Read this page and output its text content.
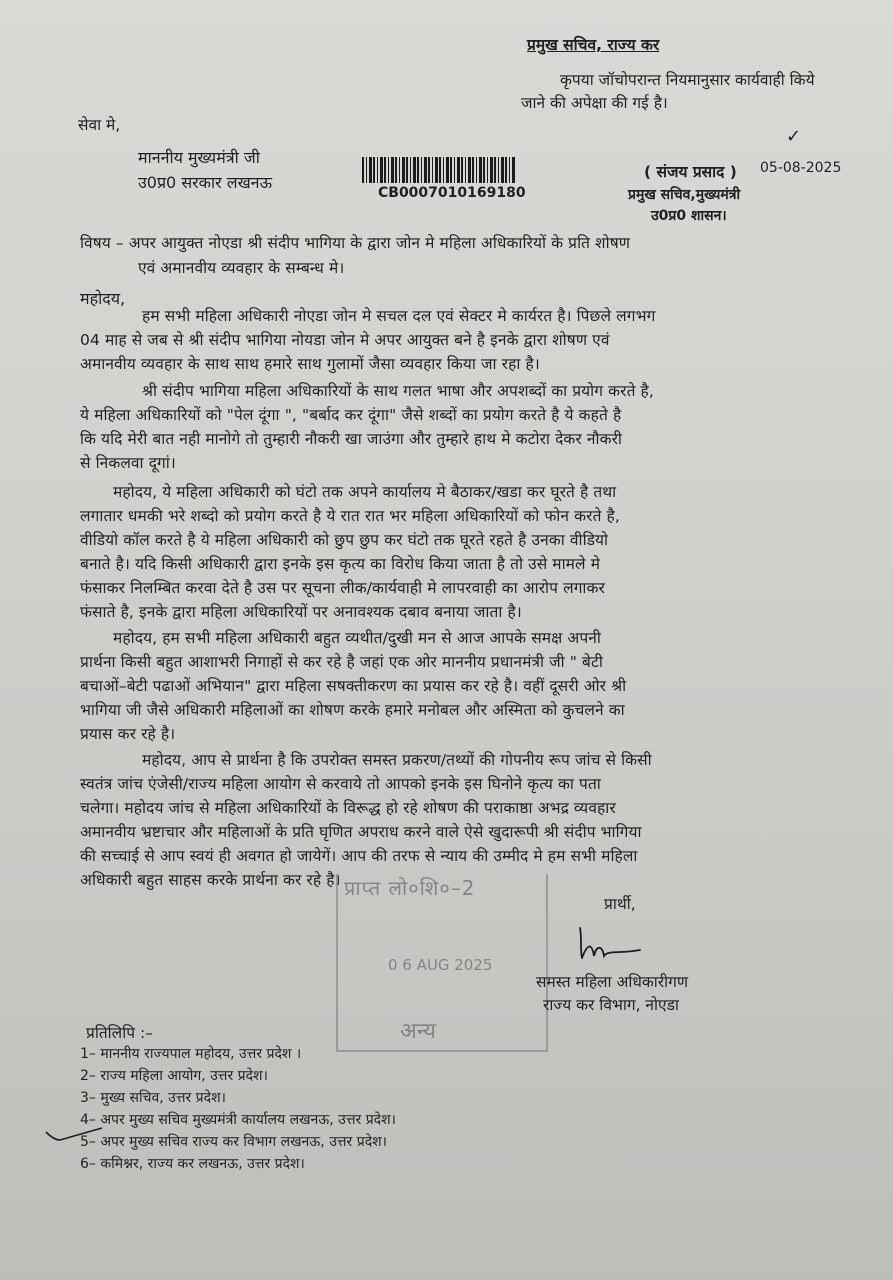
प्रमुख सचिव, राज्य कर
कृपया जॉचोपरान्त नियमानुसार कार्यवाही किये
जाने की अपेक्षा की गई है।
✓
सेवा मे,
माननीय मुख्यमंत्री जी
उ0प्र0 सरकार लखनऊ
CB0007010169180
( संजय प्रसाद )
प्रमुख सचिव,मुख्यमंत्री
उ0प्र0 शासन।
05-08-2025
विषय – अपर आयुक्त नोएडा श्री संदीप भागिया के द्वारा जोन मे महिला अधिकारियों के प्रति शोषण
एवं अमानवीय व्यवहार के सम्बन्ध मे।
महोदय,
हम सभी महिला अधिकारी नोएडा जोन मे सचल दल एवं सेक्टर मे कार्यरत है। पिछले लगभग
04 माह से जब से श्री संदीप भागिया नोयडा जोन मे अपर आयुक्त बने है इनके द्वारा शोषण एवं
अमानवीय व्यवहार के साथ साथ हमारे साथ गुलामों जैसा व्यवहार किया जा रहा है।
श्री संदीप भागिया महिला अधिकारियों के साथ गलत भाषा और अपशब्दों का प्रयोग करते है,
ये महिला अधिकारियों को "पेल दूंगा ", "बर्बाद कर दूंगा" जैसे शब्दों का प्रयोग करते है ये कहते है
कि यदि मेरी बात नही मानोगे तो तुम्हारी नौकरी खा जाउंगा और तुम्हारे हाथ मे कटोरा देकर नौकरी
से निकलवा दूगां।
महोदय, ये महिला अधिकारी को घंटो तक अपने कार्यालय मे बैठाकर/खडा कर घूरते है तथा
लगातार धमकी भरे शब्दो को प्रयोग करते है ये रात रात भर महिला अधिकारियों को फोन करते है,
वीडियो कॉल करते है ये महिला अधिकारी को छुप छुप कर घंटो तक घूरते रहते है उनका वीडियो
बनाते है। यदि किसी अधिकारी द्वारा इनके इस कृत्य का विरोध किया जाता है तो उसे मामले मे
फंसाकर निलम्बित करवा देते है उस पर सूचना लीक/कार्यवाही मे लापरवाही का आरोप लगाकर
फंसाते है, इनके द्वारा महिला अधिकारियों पर अनावश्यक दबाव बनाया जाता है।
महोदय, हम सभी महिला अधिकारी बहुत व्यथीत/दुखी मन से आज आपके समक्ष अपनी
प्रार्थना किसी बहुत आशाभरी निगाहों से कर रहे है जहां एक ओर माननीय प्रधानमंत्री जी " बेटी
बचाओं–बेटी पढाओं अभियान" द्वारा महिला सषक्तीकरण का प्रयास कर रहे है। वहीं दूसरी ओर श्री
भागिया जी जैसे अधिकारी महिलाओं का शोषण करके हमारे मनोबल और अस्मिता को कुचलने का
प्रयास कर रहे है।
महोदय, आप से प्रार्थना है कि उपरोक्त समस्त प्रकरण/तथ्यों की गोपनीय रूप जांच से किसी
स्वतंत्र जांच एंजेसी/राज्य महिला आयोग से करवाये तो आपको इनके इस घिनोने कृत्य का पता
चलेगा। महोदय जांच से महिला अधिकारियों के विरूद्ध हो रहे शोषण की पराकाष्ठा अभद्र व्यवहार
अमानवीय भ्रष्टाचार और महिलाओं के प्रति घृणित अपराध करने वाले ऐसे खुदारूपी श्री संदीप भागिया
की सच्चाई से आप स्वयं ही अवगत हो जायेगें। आप की तरफ से न्याय की उम्मीद मे हम सभी महिला
अधिकारी बहुत साहस करके प्रार्थना कर रहे है। प्राप्त लो०शि०–2
0 6 AUG 2025
अन्य
प्रार्थी,
समस्त महिला अधिकारीगण
राज्य कर विभाग, नोएडा
प्रतिलिपि :–
1– माननीय राज्यपाल महोदय, उत्तर प्रदेश ।
2– राज्य महिला आयोग, उत्तर प्रदेश।
3– मुख्य सचिव, उत्तर प्रदेश।
4– अपर मुख्य सचिव मुख्यमंत्री कार्यालय लखनऊ, उत्तर प्रदेश।
5– अपर मुख्य सचिव राज्य कर विभाग लखनऊ, उत्तर प्रदेश।
6– कमिश्नर, राज्य कर लखनऊ, उत्तर प्रदेश।
